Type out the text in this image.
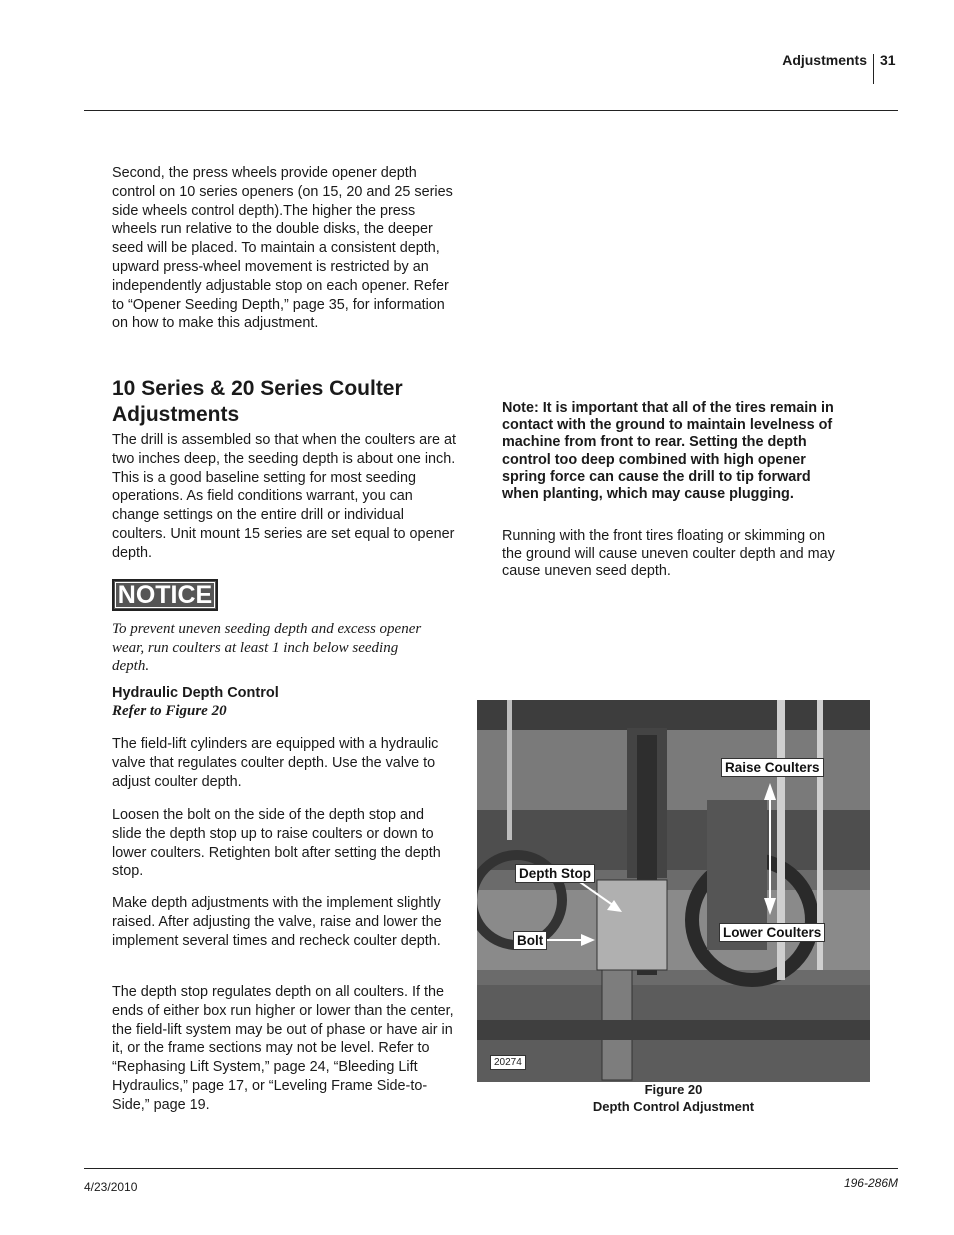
Adjustments 31

Second, the press wheels provide opener depth control on 10 series openers (on 15, 20 and 25 series side wheels control depth).The higher the press wheels run relative to the double disks, the deeper seed will be placed. To maintain a consistent depth, upward press-wheel movement is restricted by an independently adjustable stop on each opener. Refer to “Opener Seeding Depth,” page 35, for information on how to make this adjustment.

10 Series & 20 Series Coulter Adjustments

The drill is assembled so that when the coulters are at two inches deep, the seeding depth is about one inch. This is a good baseline setting for most seeding operations. As field conditions warrant, you can change settings on the entire drill or individual coulters. Unit mount 15 series are set equal to opener depth.

NOTICE

To prevent uneven seeding depth and excess opener wear, run coulters at least 1 inch below seeding depth.

Hydraulic Depth Control
Refer to Figure 20

The field-lift cylinders are equipped with a hydraulic valve that regulates coulter depth. Use the valve to adjust coulter depth.

Loosen the bolt on the side of the depth stop and slide the depth stop up to raise coulters or down to lower coulters. Retighten bolt after setting the depth stop.

Make depth adjustments with the implement slightly raised. After adjusting the valve, raise and lower the implement several times and recheck coulter depth.

The depth stop regulates depth on all coulters. If the ends of either box run higher or lower than the center, the field-lift system may be out of phase or have air in it, or the frame sections may not be level. Refer to “Rephasing Lift System,” page 24, “Bleeding Lift Hydraulics,” page 17, or “Leveling Frame Side-to-Side,” page 19.

Note: It is important that all of the tires remain in contact with the ground to maintain levelness of machine from front to rear. Setting the depth control too deep combined with high opener spring force can cause the drill to tip forward when planting, which may cause plugging.

Running with the front tires floating or skimming on the ground will cause uneven coulter depth and may cause uneven seed depth.

Raise Coulters
Depth Stop
Bolt
Lower Coulters
20274
Figure 20
Depth Control Adjustment
4/23/2010	196-286M
